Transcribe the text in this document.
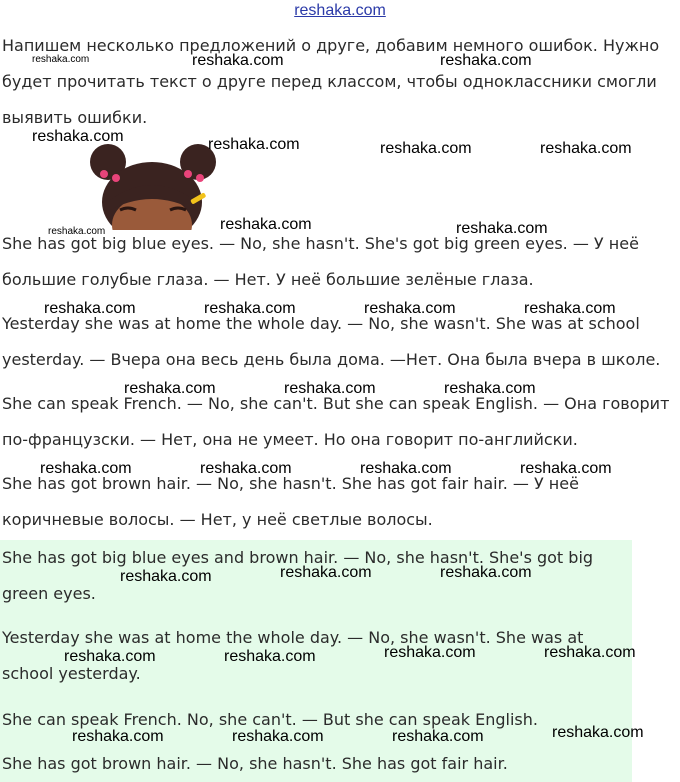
reshaka.com

Напишем несколько предложений о друге, добавим немного ошибок. Нужно будет прочитать текст о друге перед классом, чтобы одноклассники смогли выявить ошибки.

She has got big blue eyes. — No, she hasn't. She's got big green eyes. — У неё большие голубые глаза. — Нет. У неё большие зелёные глаза.

Yesterday she was at home the whole day. — No, she wasn't. She was at school yesterday. — Вчера она весь день была дома. —Нет. Она была вчера в школе.

She can speak French. — No, she can't. But she can speak English. — Она говорит по-французски. — Нет, она не умеет. Но она говорит по-английски.

She has got brown hair. — No, she hasn't. She has got fair hair. — У неё коричневые волосы. — Нет, у неё светлые волосы.

She has got big blue eyes and brown hair. — No, she hasn't. She's got big green eyes.

Yesterday she was at home the whole day. — No, she wasn't. She was at school yesterday.

She can speak French. No, she can't. — But she can speak English.

She has got brown hair. — No, she hasn't. She has got fair hair.

reshaka.com	reshaka.com	reshaka.com
reshaka.com	reshaka.com	reshaka.com	reshaka.com
reshaka.com	reshaka.com	reshaka.com
reshaka.com	reshaka.com	reshaka.com	reshaka.com
reshaka.com	reshaka.com	reshaka.com
reshaka.com	reshaka.com	reshaka.com	reshaka.com
reshaka.com	reshaka.com	reshaka.com
reshaka.com	reshaka.com	reshaka.com	reshaka.com
reshaka.com	reshaka.com	reshaka.com	reshaka.com
